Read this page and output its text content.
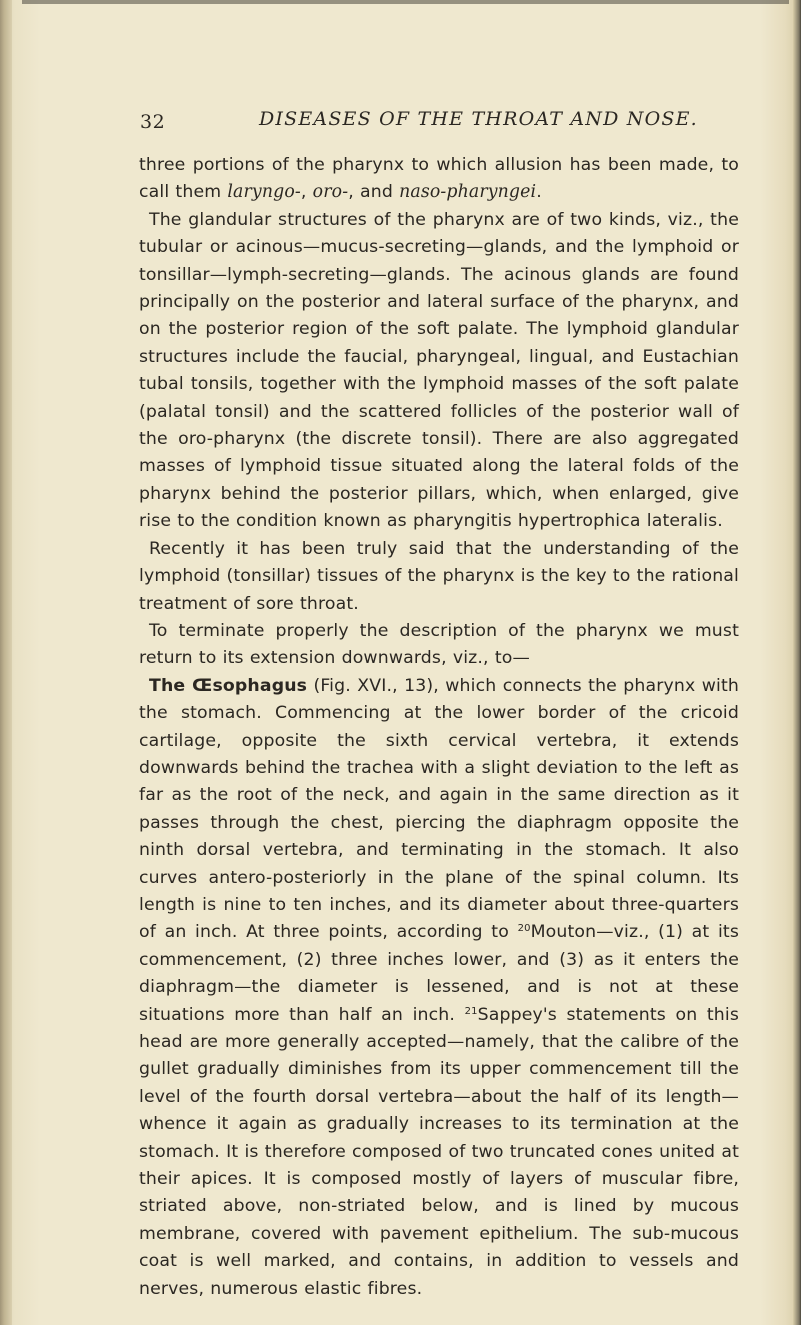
32	DISEASES OF THE THROAT AND NOSE.

three portions of the pharynx to which allusion has been made, to call them laryngo-, oro-, and naso-pharyngei.

The glandular structures of the pharynx are of two kinds, viz., the tubular or acinous—mucus-secreting—glands, and the lymphoid or tonsillar—lymph-secreting—glands. The acinous glands are found principally on the posterior and lateral surface of the pharynx, and on the posterior region of the soft palate. The lymphoid glandular structures include the faucial, pharyngeal, lingual, and Eustachian tubal tonsils, together with the lymphoid masses of the soft palate (palatal tonsil) and the scattered follicles of the posterior wall of the oro-pharynx (the discrete tonsil). There are also aggregated masses of lymphoid tissue situated along the lateral folds of the pharynx behind the posterior pillars, which, when enlarged, give rise to the condition known as pharyngitis hypertrophica lateralis.

Recently it has been truly said that the understanding of the lymphoid (tonsillar) tissues of the pharynx is the key to the rational treatment of sore throat.

To terminate properly the description of the pharynx we must return to its extension downwards, viz., to—

The Œsophagus (Fig. XVI., 13), which connects the pharynx with the stomach. Commencing at the lower border of the cricoid cartilage, opposite the sixth cervical vertebra, it extends downwards behind the trachea with a slight deviation to the left as far as the root of the neck, and again in the same direction as it passes through the chest, piercing the diaphragm opposite the ninth dorsal vertebra, and terminating in the stomach. It also curves antero-posteriorly in the plane of the spinal column. Its length is nine to ten inches, and its diameter about three-quarters of an inch. At three points, according to $^{20}$Mouton—viz., (1) at its commencement, (2) three inches lower, and (3) as it enters the diaphragm—the diameter is lessened, and is not at these situations more than half an inch. $^{21}$Sappey's statements on this head are more generally accepted—namely, that the calibre of the gullet gradually diminishes from its upper commencement till the level of the fourth dorsal vertebra—about the half of its length—whence it again as gradually increases to its termination at the stomach. It is therefore composed of two truncated cones united at their apices. It is composed mostly of layers of muscular fibre, striated above, non-striated below, and is lined by mucous membrane, covered with pavement epithelium. The sub-mucous coat is well marked, and contains, in addition to vessels and nerves, numerous elastic fibres.
